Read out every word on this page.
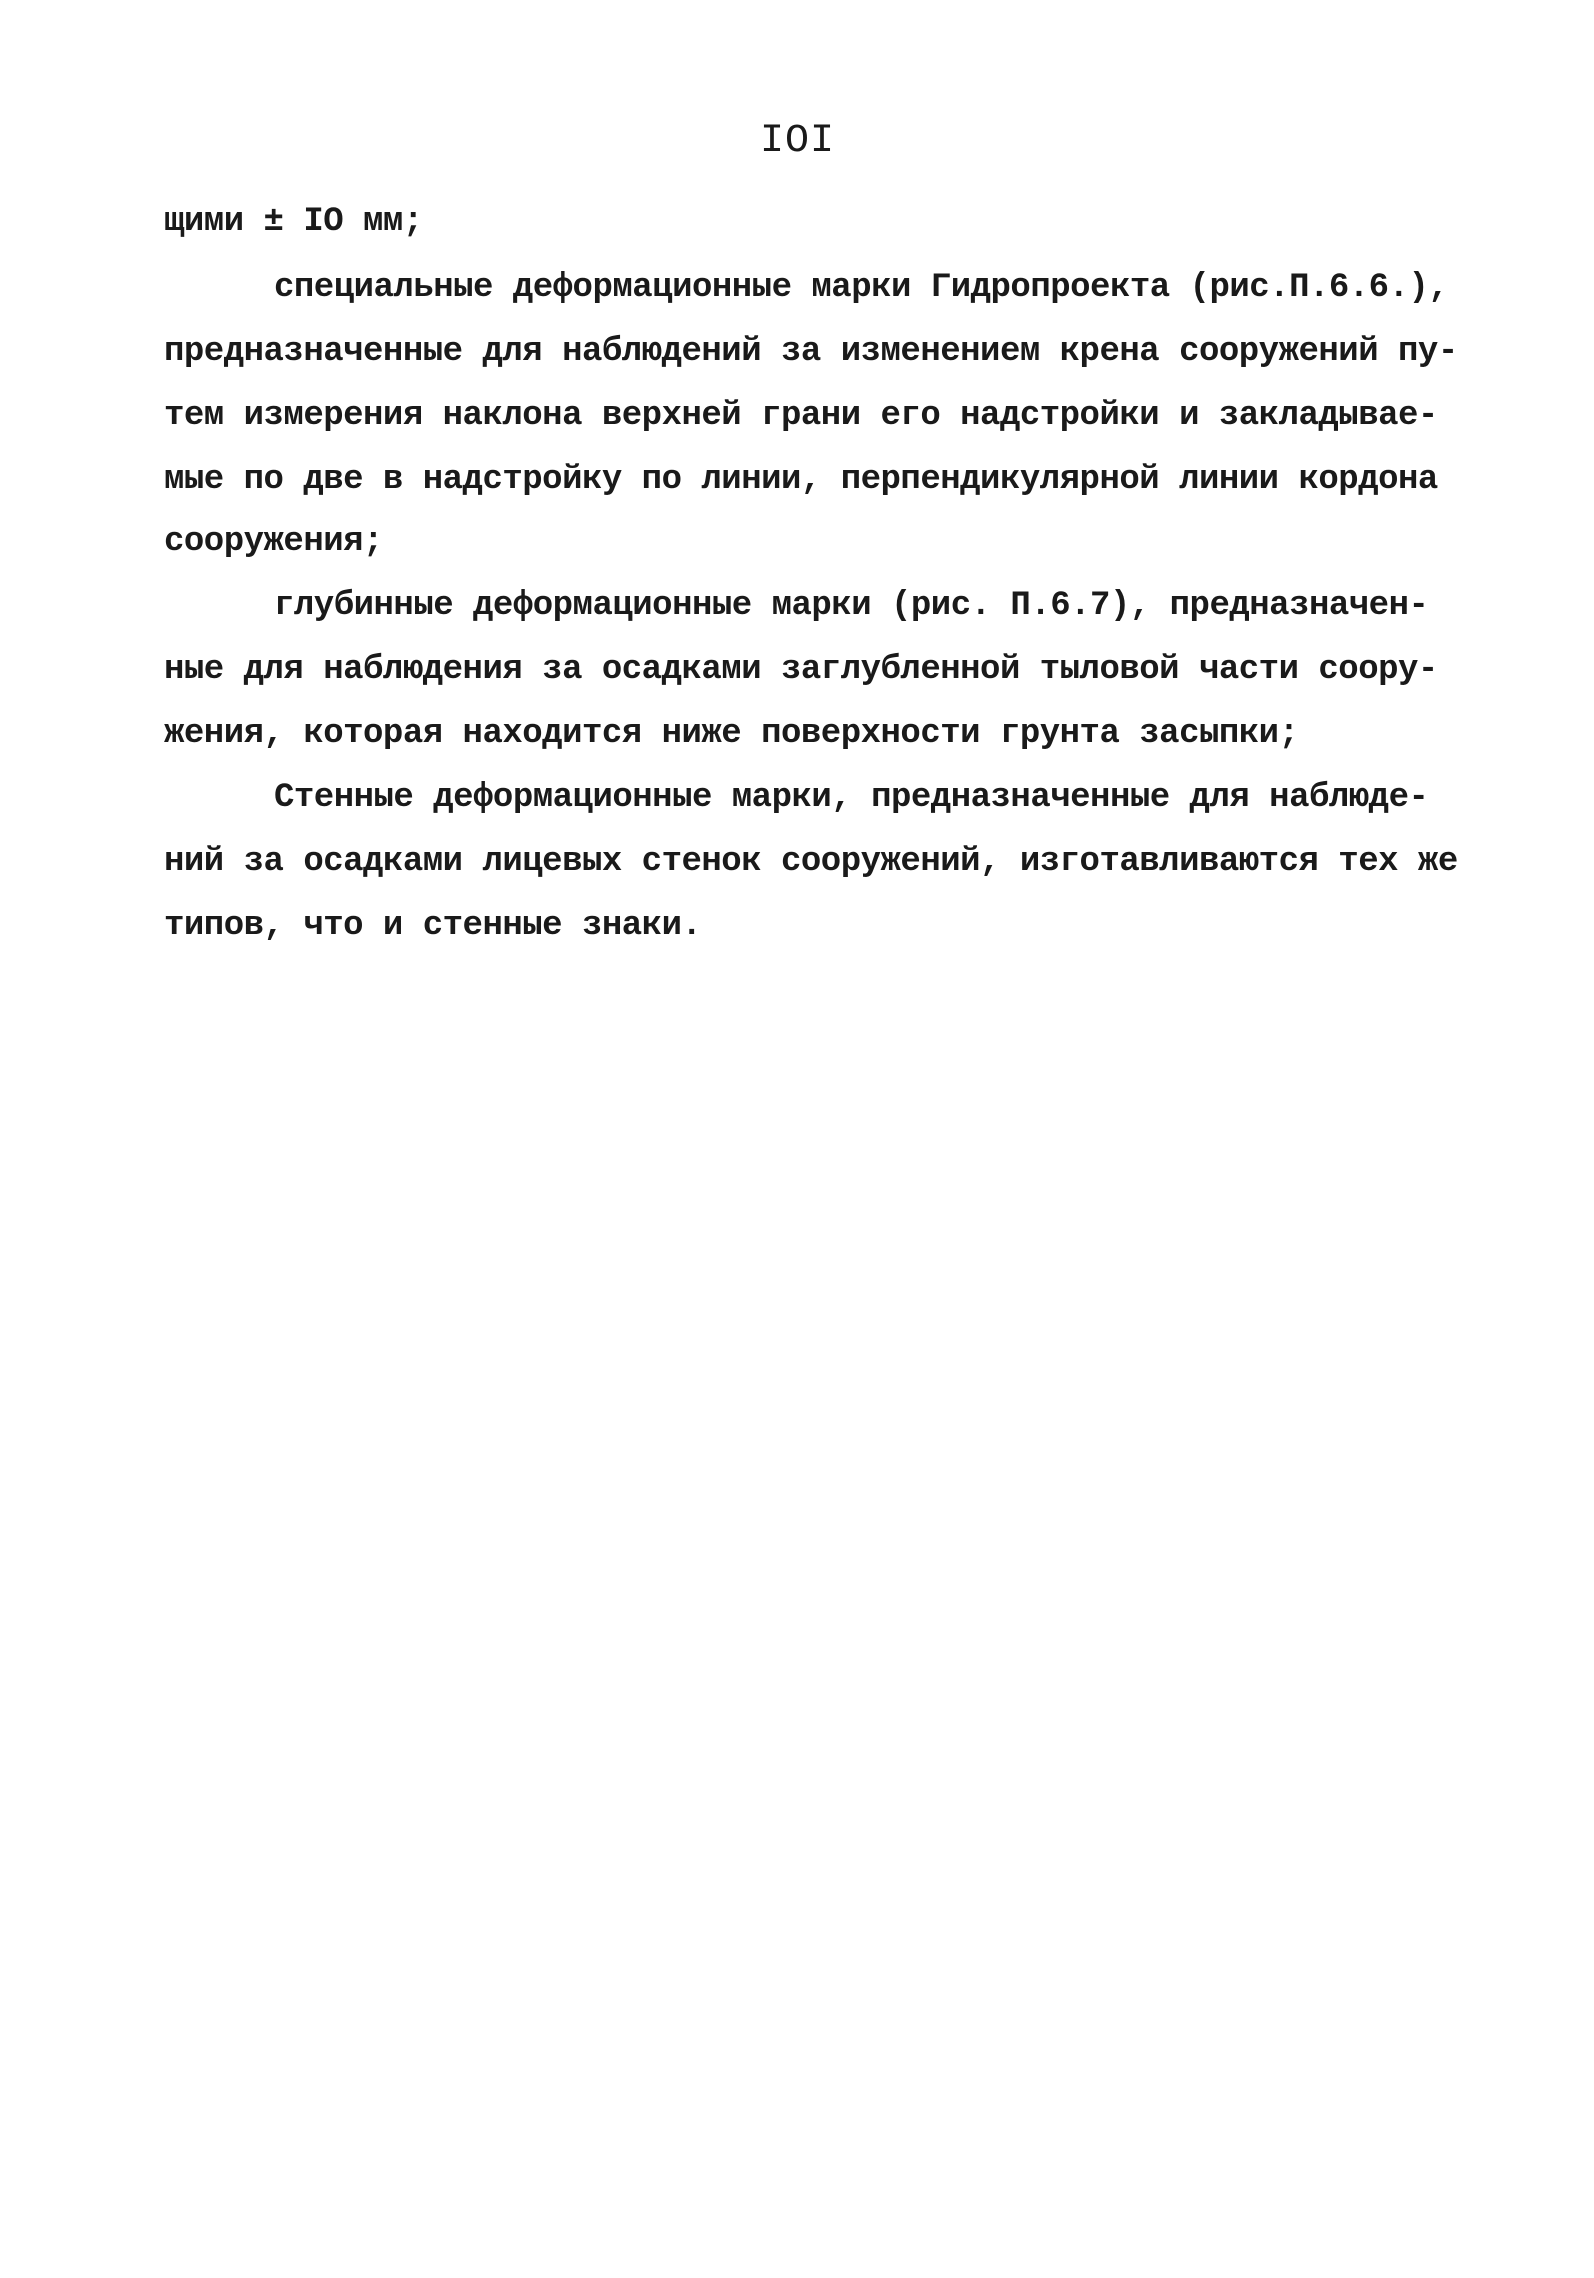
IOI
щими ± IO мм;
специальные деформационные марки Гидропроекта (рис.П.6.6.),
предназначенные для наблюдений за изменением крена сооружений пу-
тем измерения наклона верхней грани его надстройки и закладывае-
мые по две в надстройку по линии, перпендикулярной линии кордона
сооружения;
глубинные деформационные марки (рис. П.6.7), предназначен-
ные для наблюдения за осадками заглубленной тыловой части соору-
жения, которая находится ниже поверхности грунта засыпки;
Стенные деформационные марки, предназначенные для наблюде-
ний за осадками лицевых стенок сооружений, изготавливаются тех же
типов, что и стенные знаки.
